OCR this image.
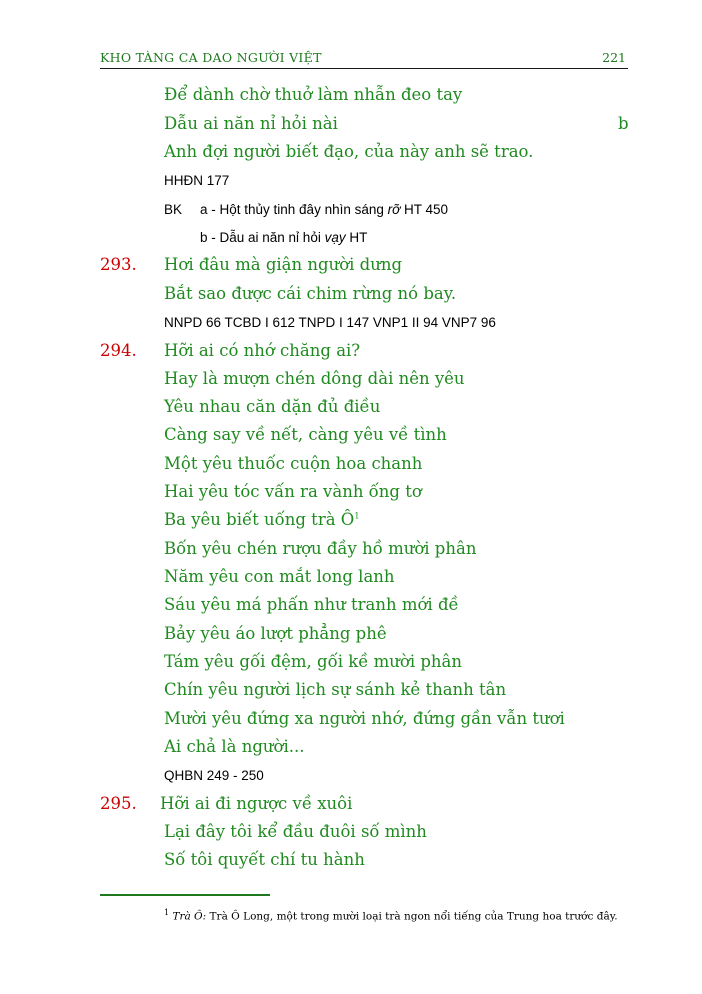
KHO TÀNG CA DAO NGƯỜI VIỆT	221
Để dành chờ thuở làm nhẫn đeo tay
Dẫu ai năn nỉ hỏi nài	b
Anh đợi người biết đạo, của này anh sẽ trao.
HHĐN 177
BK a - Hột thủy tinh đây nhìn sáng rỡ HT 450
b - Dẫu ai năn nỉ hỏi vạy HT
293. Hơi đâu mà giận người dưng
Bắt sao được cái chim rừng nó bay.
NNPD 66 TCBD I 612 TNPD I 147 VNP1 II 94 VNP7 96
294. Hỡi ai có nhớ chăng ai?
Hay là mượn chén dông dài nên yêu
Yêu nhau căn dặn đủ điều
Càng say về nết, càng yêu về tình
Một yêu thuốc cuộn hoa chanh
Hai yêu tóc vấn ra vành ống tơ
Ba yêu biết uống trà $Ô^1$
Bốn yêu chén rượu đầy hồ mười phân
Năm yêu con mắt long lanh
Sáu yêu má phấn như tranh mới đề
Bảy yêu áo lượt phẳng phê
Tám yêu gối đệm, gối kề mười phân
Chín yêu người lịch sự sánh kẻ thanh tân
Mười yêu đứng xa người nhớ, đứng gần vẫn tươi
Ai chả là người...
QHBN 249 - 250
295. Hỡi ai đi ngược về xuôi
Lại đây tôi kể đầu đuôi số mình
Số tôi quyết chí tu hành
$^1$ Trà Ô: Trà Ô Long, một trong mười loại trà ngon nổi tiếng của Trung hoa trước đây.
